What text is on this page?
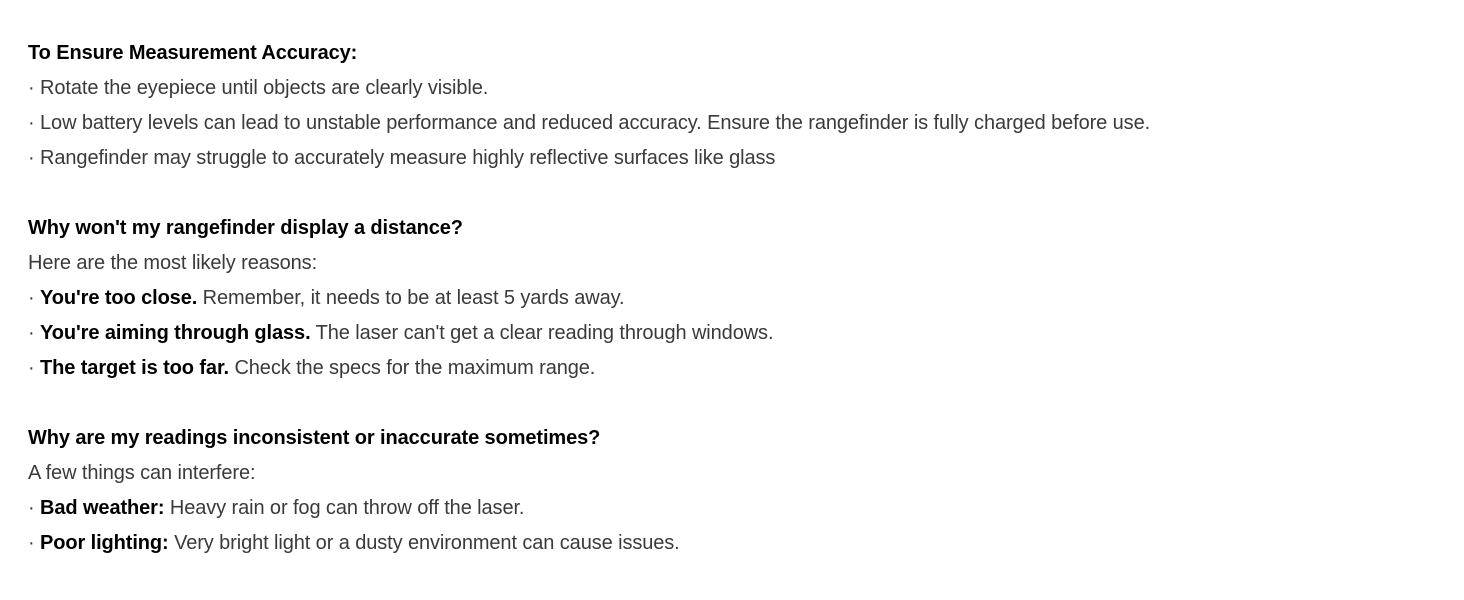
To Ensure Measurement Accuracy:
· Rotate the eyepiece until objects are clearly visible.
· Low battery levels can lead to unstable performance and reduced accuracy. Ensure the rangefinder is fully charged before use.
· Rangefinder may struggle to accurately measure highly reflective surfaces like glass
Why won't my rangefinder display a distance?
Here are the most likely reasons:
· You're too close. Remember, it needs to be at least 5 yards away.
· You're aiming through glass. The laser can't get a clear reading through windows.
· The target is too far. Check the specs for the maximum range.
Why are my readings inconsistent or inaccurate sometimes?
A few things can interfere:
· Bad weather: Heavy rain or fog can throw off the laser.
· Poor lighting: Very bright light or a dusty environment can cause issues.
